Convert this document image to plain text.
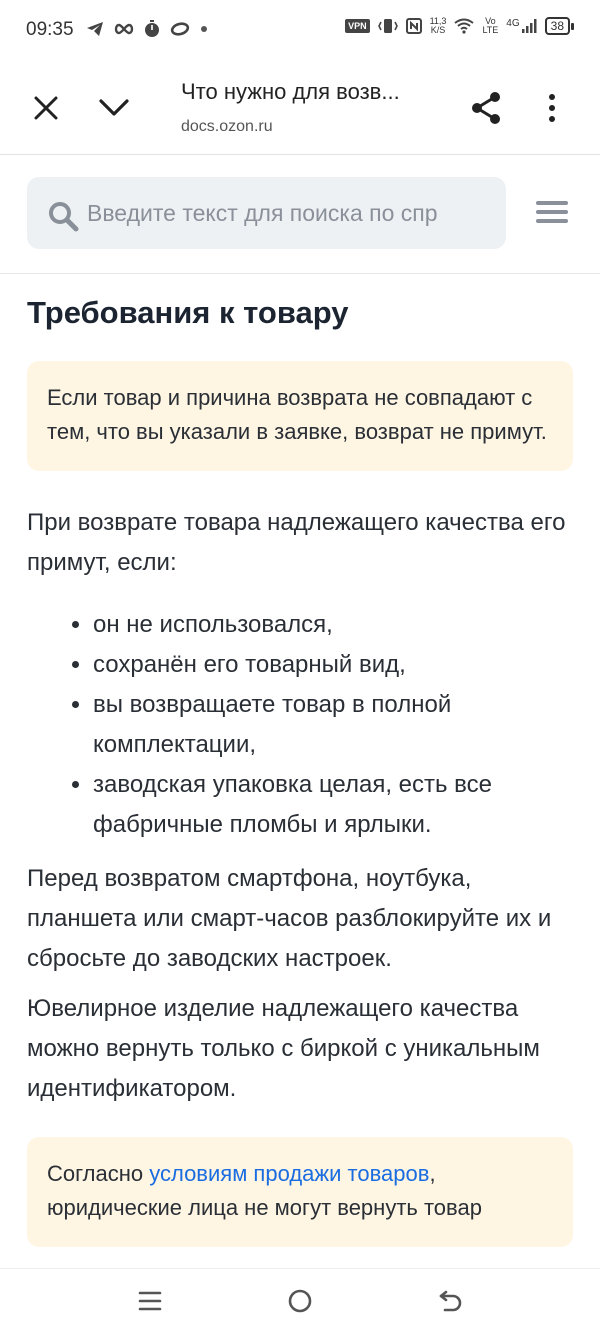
09:35	VPN	11,3
K/S
Vo
LTE
4G	38
Что нужно для возв...
docs.ozon.ru
Введите текст для поиска по спр
Требования к товару
Если товар и причина возврата не совпадают с тем, что вы указали в заявке, возврат не примут.

При возврате товара надлежащего качества его примут, если:

• он не использовался,
• сохранён его товарный вид,
• вы возвращаете товар в полной комплектации,
• заводская упаковка целая, есть все фабричные пломбы и ярлыки.

Перед возвратом смартфона, ноутбука, планшета или смарт-часов разблокируйте их и сбросьте до заводских настроек.

Ювелирное изделие надлежащего качества можно вернуть только с биркой с уникальным идентификатором.

Согласно условиям продажи товаров, юридические лица не могут вернуть товар
